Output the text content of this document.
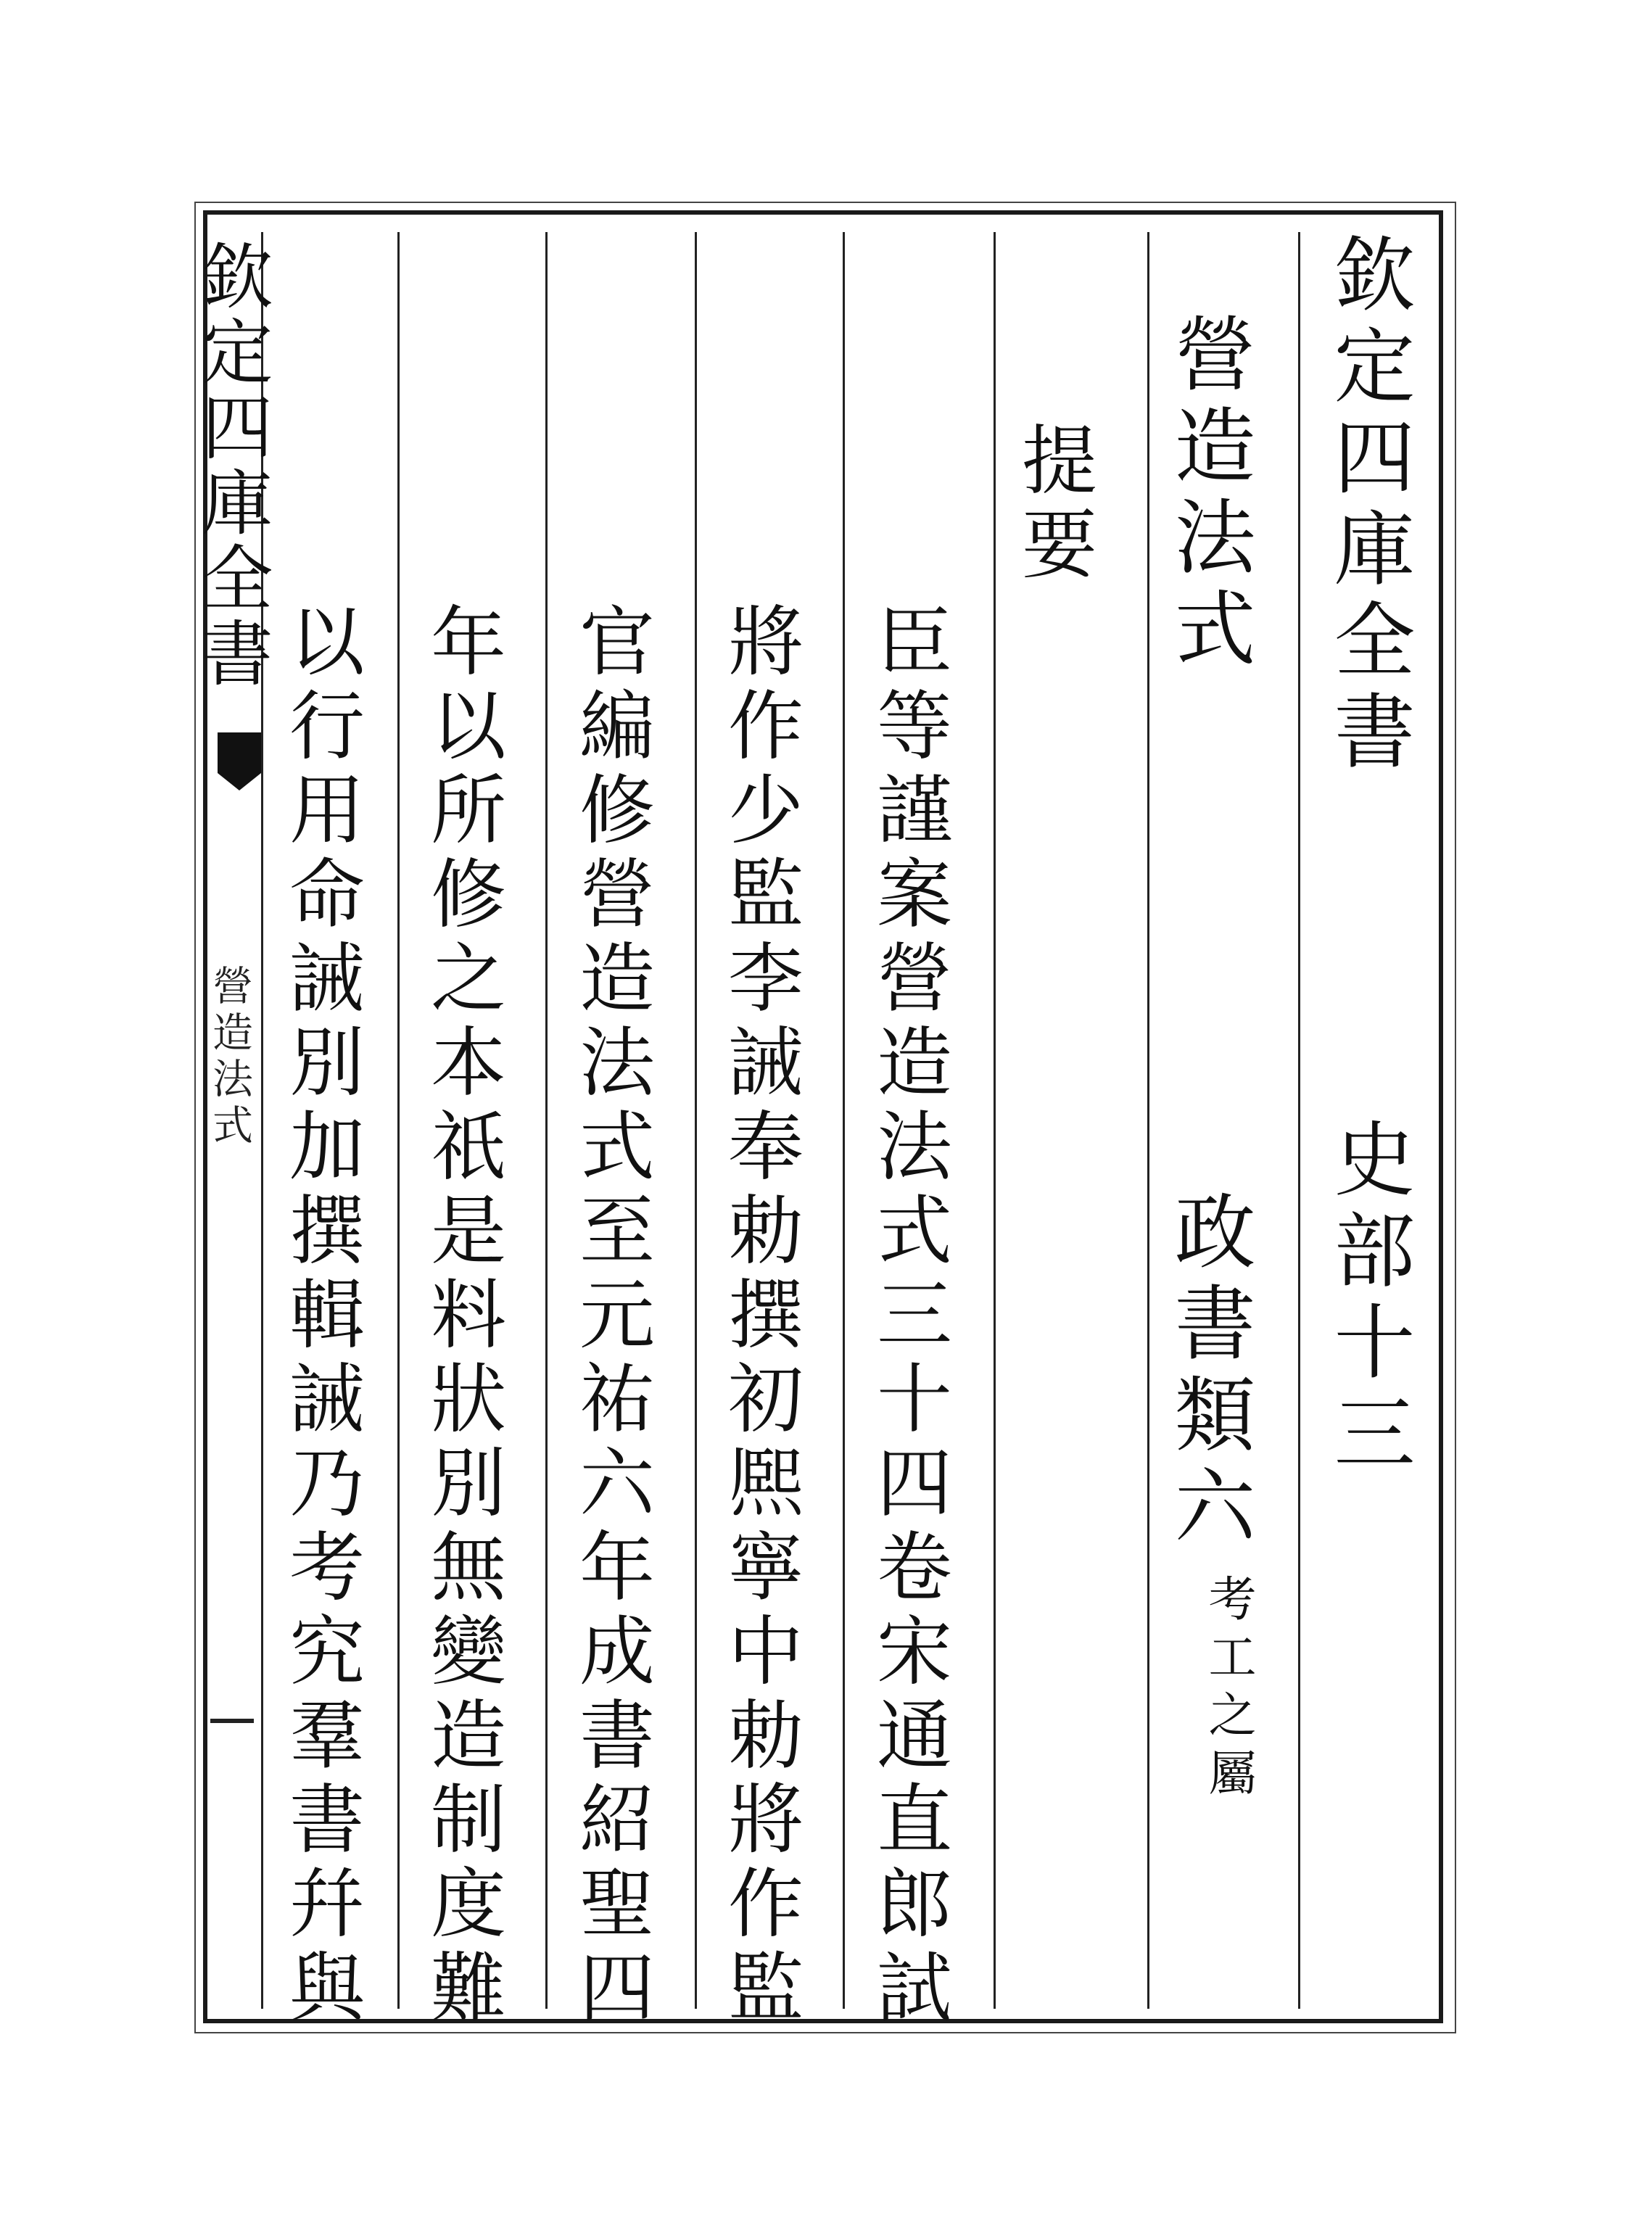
欽定四庫全書
營造法式
欽定四庫全書
史部十三
營造法式
政書類六
考工之屬
提要
臣等謹案營造法式三十四卷宋通直郎試
將作少監李誡奉勅撰初熈寧中勅將作監
官編修營造法式至元祐六年成書紹聖四
年以所修之本祇是料狀別無變造制度難
以行用命誡別加撰輯誡乃考究羣書幷與
